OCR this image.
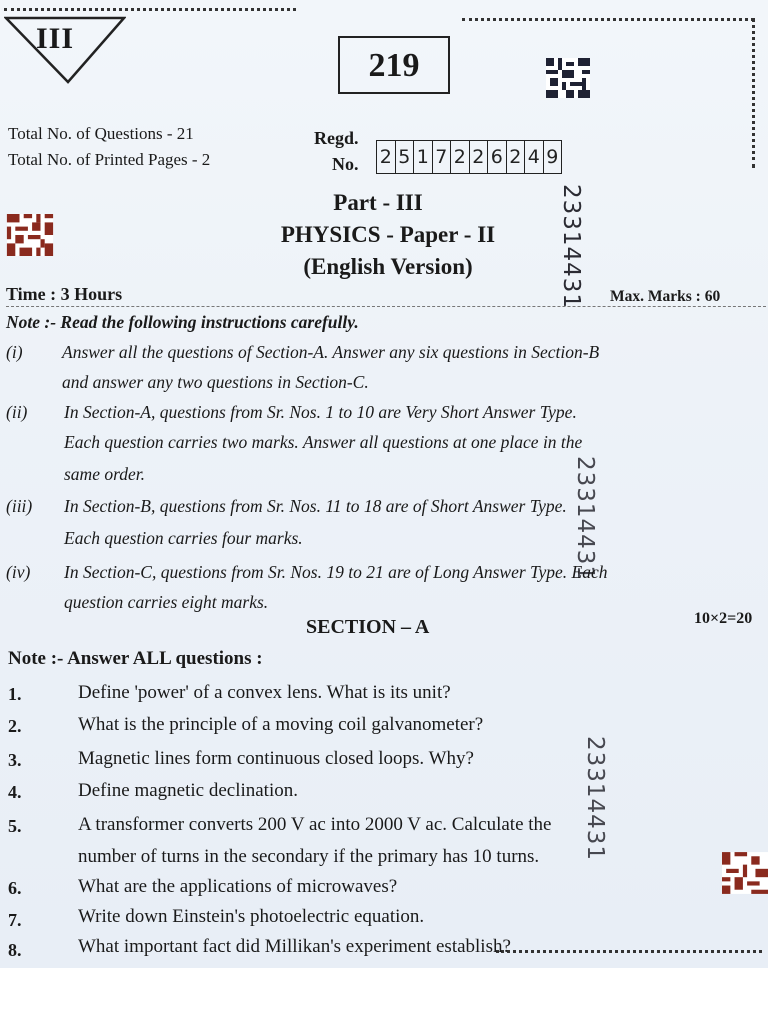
III
219
Total No. of Questions - 21
Total No. of Printed Pages - 2
Regd.
No. 2 5 1 7 2 2 6 2 4 9
Part - III
PHYSICS - Paper - II
(English Version)	23314431
23314431
23314431
Time : 3 Hours	Max. Marks : 60
Note :- Read the following instructions carefully.
(i) Answer all the questions of Section-A. Answer any six questions in Section-B
and answer any two questions in Section-C.
(ii) In Section-A, questions from Sr. Nos. 1 to 10 are Very Short Answer Type.
Each question carries two marks. Answer all questions at one place in the
same order.
(iii) In Section-B, questions from Sr. Nos. 11 to 18 are of Short Answer Type.
Each question carries four marks.
(iv) In Section-C, questions from Sr. Nos. 19 to 21 are of Long Answer Type. Each
question carries eight marks.
SECTION – A	10×2=20
Note :- Answer ALL questions :
1.	Define 'power' of a convex lens. What is its unit?
2.	What is the principle of a moving coil galvanometer?
3.	Magnetic lines form continuous closed loops. Why?
4.	Define magnetic declination.
5.	A transformer converts 200 V ac into 2000 V ac. Calculate the
number of turns in the secondary if the primary has 10 turns.
6.	What are the applications of microwaves?
7.	Write down Einstein's photoelectric equation.
8.	What important fact did Millikan's experiment establish?
